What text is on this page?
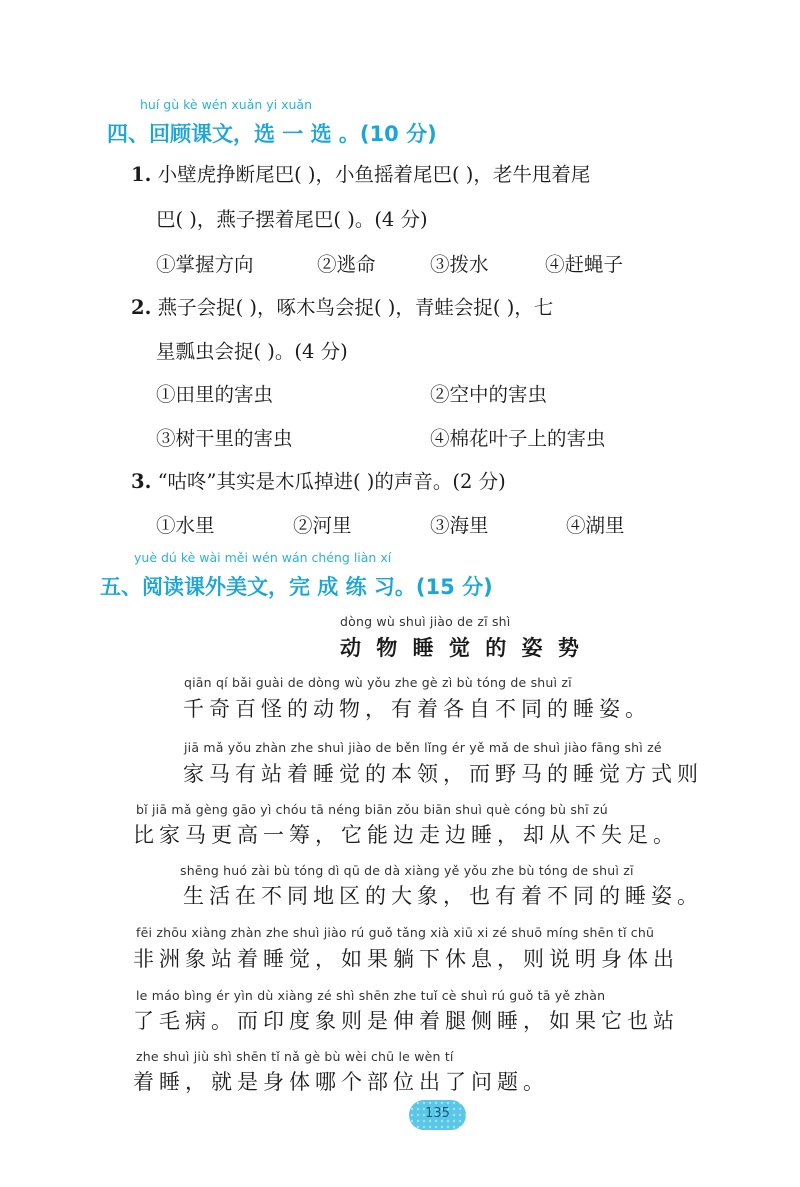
huí gù kè wén xuǎn yi xuǎn
四、回顾课文，选 一 选 。(10 分)
1. 小壁虎挣断尾巴( )，小鱼摇着尾巴( )，老牛甩着尾
巴( )，燕子摆着尾巴( )。(4 分)
①掌握方向	②逃命	③拨水	④赶蝇子
2. 燕子会捉( )，啄木鸟会捉( )，青蛙会捉( )，七
星瓢虫会捉( )。(4 分)
①田里的害虫	②空中的害虫
③树干里的害虫	④棉花叶子上的害虫
3. “咕咚”其实是木瓜掉进( )的声音。(2 分)
①水里	②河里	③海里	④湖里
yuè dú kè wài měi wén wán chéng liàn xí
五、阅读课外美文，完 成 练 习。(15 分)
dòng wù shuì jiào de zī shì
动 物 睡 觉 的 姿 势
qiān qí bǎi guài de dòng wù yǒu zhe gè zì bù tóng de shuì zī
千奇百怪的动物，有着各自不同的睡姿。
jiā mǎ yǒu zhàn zhe shuì jiào de běn lǐng ér yě mǎ de shuì jiào fāng shì zé
家马有站着睡觉的本领，而野马的睡觉方式则
bǐ jiā mǎ gèng gāo yì chóu tā néng biān zǒu biān shuì què cóng bù shī zú
比家马更高一筹，它能边走边睡，却从不失足。
shēng huó zài bù tóng dì qū de dà xiàng yě yǒu zhe bù tóng de shuì zī
生活在不同地区的大象，也有着不同的睡姿。
fēi zhōu xiàng zhàn zhe shuì jiào rú guǒ tǎng xià xiū xi zé shuō míng shēn tǐ chū
非洲象站着睡觉，如果躺下休息，则说明身体出
le máo bìng ér yìn dù xiàng zé shì shēn zhe tuǐ cè shuì rú guǒ tā yě zhàn
了毛病。而印度象则是伸着腿侧睡，如果它也站
zhe shuì jiù shì shēn tǐ nǎ gè bù wèi chū le wèn tí
着睡，就是身体哪个部位出了问题。
135
